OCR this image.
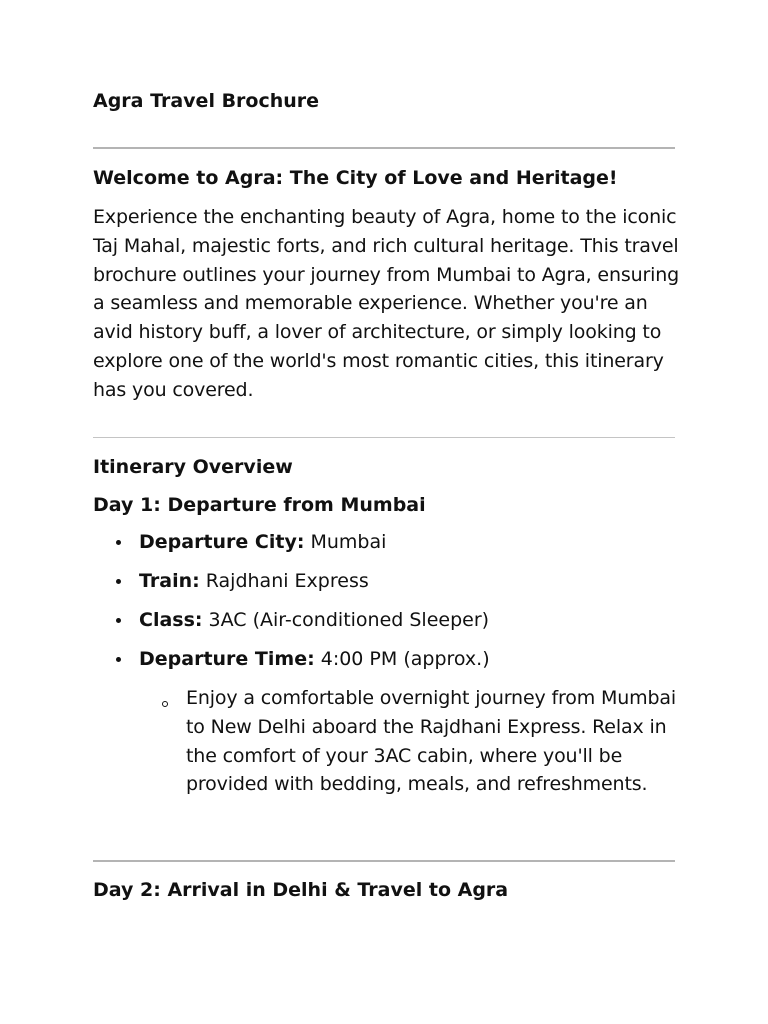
Agra Travel Brochure
Welcome to Agra: The City of Love and Heritage!
Experience the enchanting beauty of Agra, home to the iconic Taj Mahal, majestic forts, and rich cultural heritage. This travel brochure outlines your journey from Mumbai to Agra, ensuring a seamless and memorable experience. Whether you're an avid history buff, a lover of architecture, or simply looking to explore one of the world's most romantic cities, this itinerary has you covered.
Itinerary Overview
Day 1: Departure from Mumbai
Departure City: Mumbai
Train: Rajdhani Express
Class: 3AC (Air-conditioned Sleeper)
Departure Time: 4:00 PM (approx.)
Enjoy a comfortable overnight journey from Mumbai to New Delhi aboard the Rajdhani Express. Relax in the comfort of your 3AC cabin, where you'll be provided with bedding, meals, and refreshments.
Day 2: Arrival in Delhi & Travel to Agra
